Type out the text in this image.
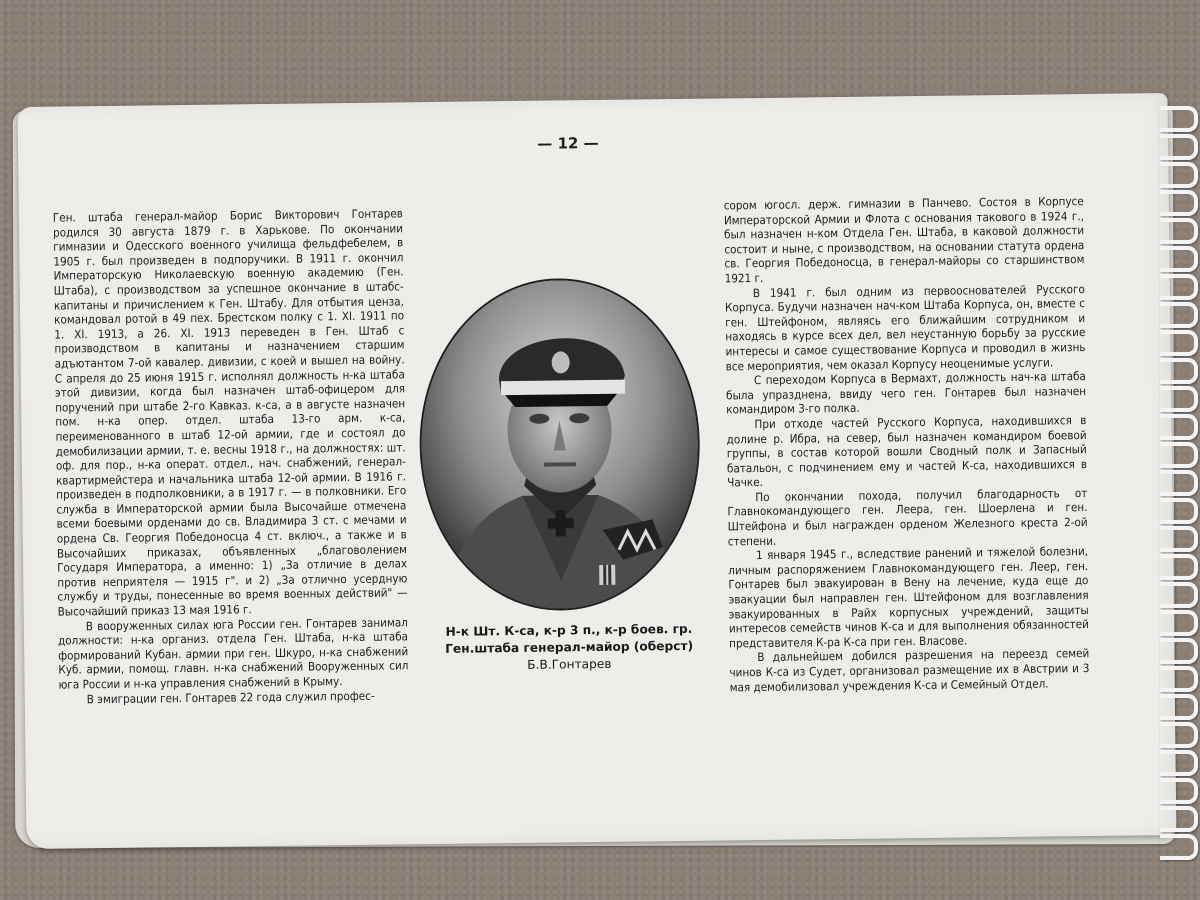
— 12 —

Ген. штаба генерал-майор Борис Викторович Гонтарев родился 30 августа 1879 г. в Харькове. По окончании гимназии и Одесского военного училища фельдфебелем, в 1905 г. был произведен в подпоручики. В 1911 г. окончил Императорскую Николаевскую военную академию (Ген. Штаба), с производством за успешное окончание в штабс-капитаны и причислением к Ген. Штабу. Для отбытия ценза, командовал ротой в 49 пех. Брестском полку с 1. XI. 1911 по 1. XI. 1913, а 26. XI. 1913 переведен в Ген. Штаб с производством в капитаны и назначением старшим адъютантом 7-ой кавалер. дивизии, с коей и вышел на войну. С апреля до 25 июня 1915 г. исполнял должность н-ка штаба этой дивизии, когда был назначен штаб-офицером для поручений при штабе 2-го Кавказ. к-са, а в августе назначен пом. н-ка опер. отдел. штаба 13-го арм. к-са, переименованного в штаб 12-ой армии, где и состоял до демобилизации армии, т. е. весны 1918 г., на должностях: шт. оф. для пор., н-ка операт. отдел., нач. снабжений, генерал-квартирмейстера и начальника штаба 12-ой армии. В 1916 г. произведен в подполковники, а в 1917 г. — в полковники. Его служба в Императорской армии была Высочайше отмечена всеми боевыми орденами до св. Владимира 3 ст. с мечами и ордена Св. Георгия Победоносца 4 ст. включ., а также и в Высочайших приказах, объявленных „благоволением Государя Императора, а именно: 1) „За отличие в делах против неприятеля — 1915 г". и 2) „За отлично усердную службу и труды, понесенные во время военных действий" — Высочайший приказ 13 мая 1916 г.

В вооруженных силах юга России ген. Гонтарев занимал должности: н-ка организ. отдела Ген. Штаба, н-ка штаба формирований Кубан. армии при ген. Шкуро, н-ка снабжений Куб. армии, помощ. главн. н-ка снабжений Вооруженных сил юга России и н-ка управления снабжений в Крыму.

В эмиграции ген. Гонтарев 22 года служил профес-

Н-к Шт. К-са, к-р 3 п., к-р боев. гр.
Ген.штаба генерал-майор (оберст)
Б.В.Гонтарев

сором югосл. держ. гимназии в Панчево. Состоя в Корпусе Императорской Армии и Флота с основания такового в 1924 г., был назначен н-ком Отдела Ген. Штаба, в каковой должности состоит и ныне, с производством, на основании статута ордена св. Георгия Победоносца, в генерал-майоры со старшинством 1921 г.

В 1941 г. был одним из первооснователей Русского Корпуса. Будучи назначен нач-ком Штаба Корпуса, он, вместе с ген. Штейфоном, являясь его ближайшим сотрудником и находясь в курсе всех дел, вел неустанную борьбу за русские интересы и самое существование Корпуса и проводил в жизнь все мероприятия, чем оказал Корпусу неоценимые услуги.

С переходом Корпуса в Вермахт, должность нач-ка штаба была упразднена, ввиду чего ген. Гонтарев был назначен командиром 3-го полка.

При отходе частей Русского Корпуса, находившихся в долине р. Ибра, на север, был назначен командиром боевой группы, в состав которой вошли Сводный полк и Запасный батальон, с подчинением ему и частей К-са, находившихся в Чачке.

По окончании похода, получил благодарность от Главнокомандующего ген. Леера, ген. Шоерлена и ген. Штейфона и был награжден орденом Железного креста 2-ой степени.

1 января 1945 г., вследствие ранений и тяжелой болезни, личным распоряжением Главнокомандующего ген. Леер, ген. Гонтарев был эвакуирован в Вену на лечение, куда еще до эвакуации был направлен ген. Штейфоном для возглавления эвакуированных в Райх корпусных учреждений, защиты интересов семейств чинов К-са и для выполнения обязанностей представителя К-ра К-са при ген. Власове.

В дальнейшем добился разрешения на переезд семей чинов К-са из Судет, организовал размещение их в Австрии и 3 мая демобилизовал учреждения К-са и Семейный Отдел.
